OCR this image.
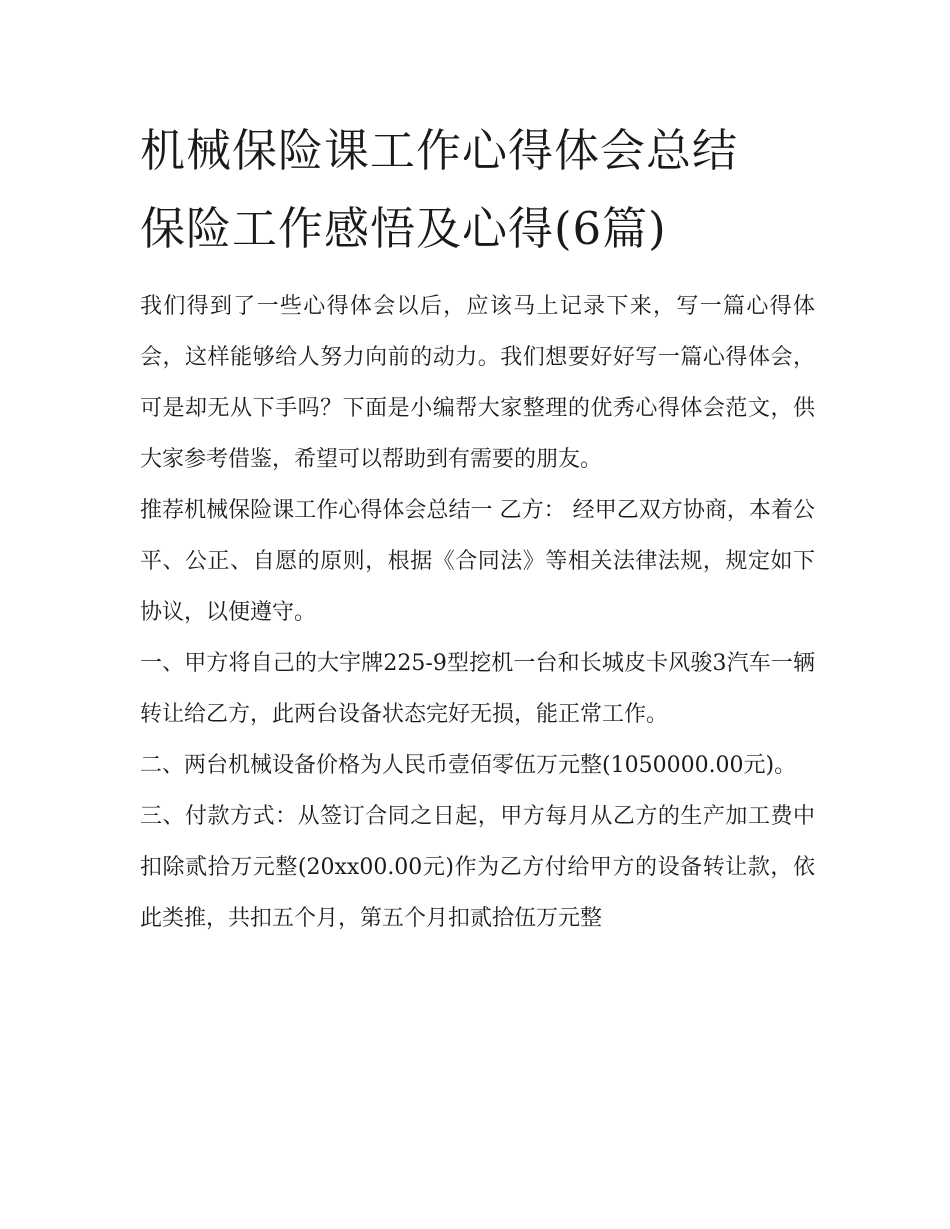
机械保险课工作心得体会总结
保险工作感悟及心得(6篇)

我们得到了一些心得体会以后，应该马上记录下来，写一篇心得体会，这样能够给人努力向前的动力。我们想要好好写一篇心得体会，可是却无从下手吗？下面是小编帮大家整理的优秀心得体会范文，供大家参考借鉴，希望可以帮助到有需要的朋友。

推荐机械保险课工作心得体会总结一 乙方： 经甲乙双方协商，本着公平、公正、自愿的原则，根据《合同法》等相关法律法规，规定如下协议，以便遵守。

一、甲方将自己的大宇牌225-9型挖机一台和长城皮卡风骏3汽车一辆转让给乙方，此两台设备状态完好无损，能正常工作。

二、两台机械设备价格为人民币壹佰零伍万元整(1050000.00元)。

三、付款方式：从签订合同之日起，甲方每月从乙方的生产加工费中扣除贰拾万元整(20xx00.00元)作为乙方付给甲方的设备转让款，依此类推，共扣五个月，第五个月扣贰拾伍万元整
